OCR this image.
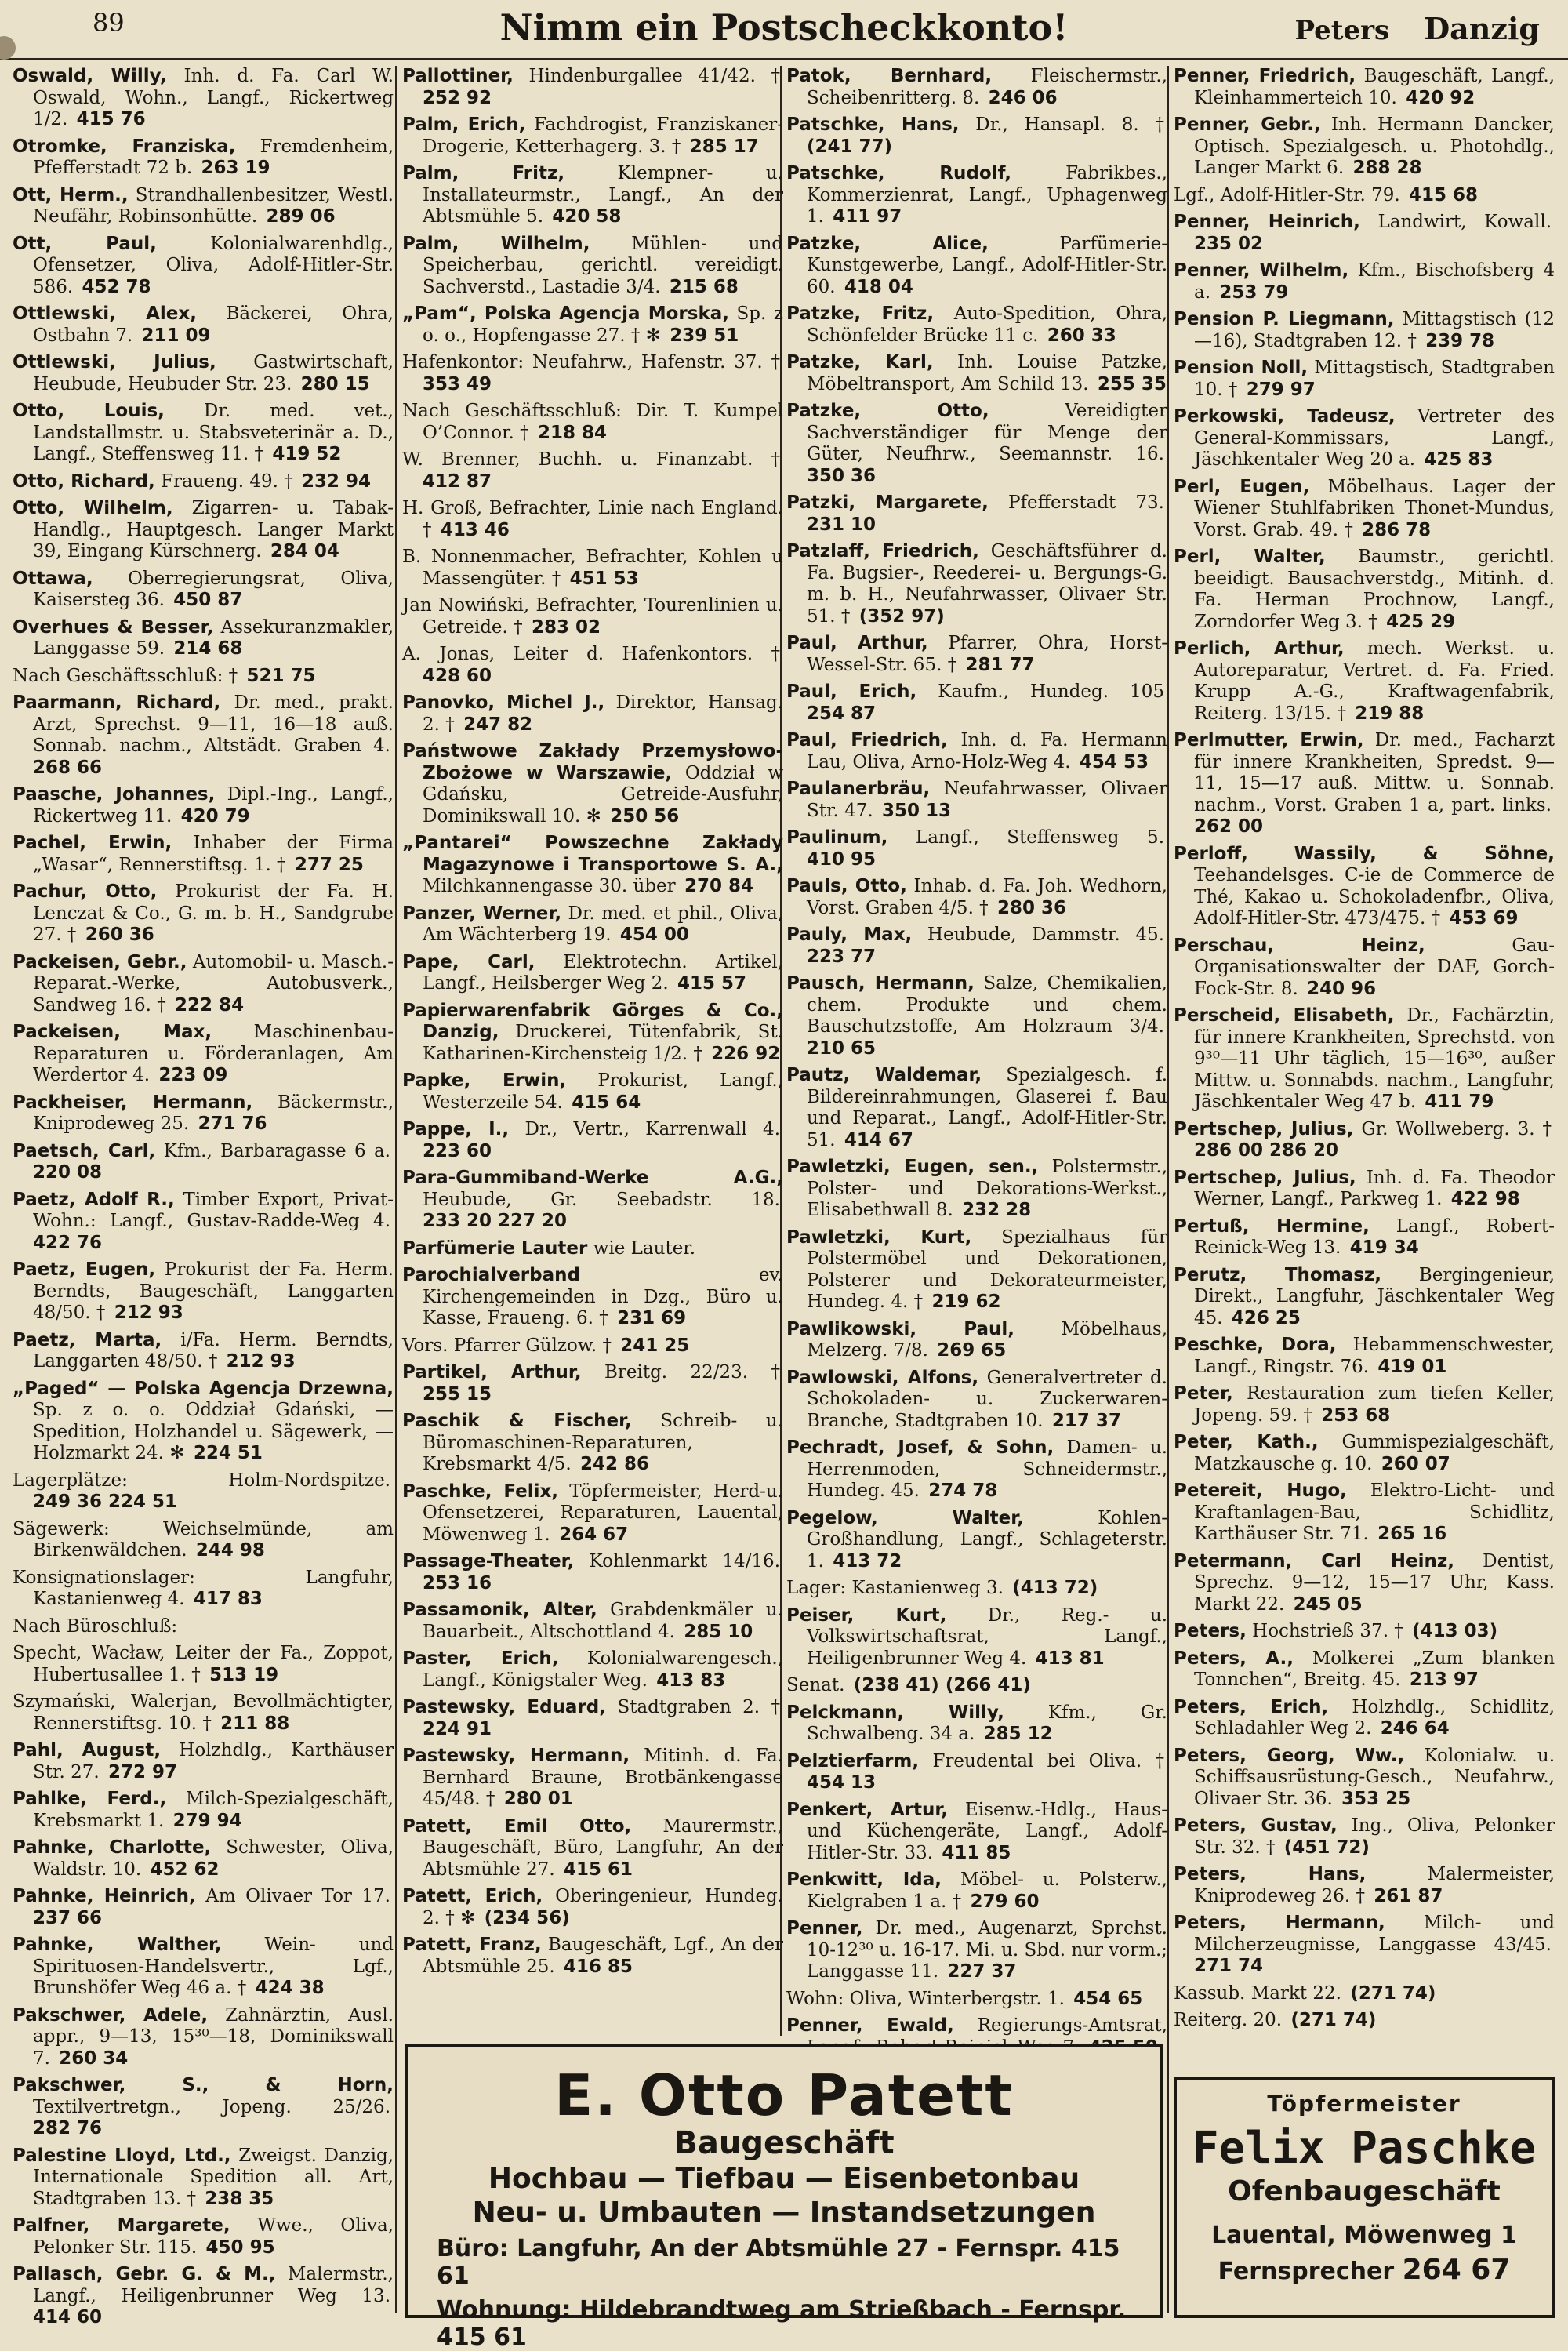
89	Nimm ein Postscheckkonto!	Peters Danzig
Oswald, Willy, Inh. d. Fa. Carl W. Oswald, Wohn., Langf., Rickertweg 1/2. 415 76
Otromke, Franziska, Fremdenheim, Pfefferstadt 72 b. 263 19
Ott, Herm., Strandhallenbesitzer, Westl. Neufähr, Robinsonhütte. 289 06
Ott, Paul,	Kolonialwarenhdlg., Ofensetzer, Oliva, Adolf-Hitler-Str. 586. 452 78
Ottlewski, Alex, Bäckerei, Ohra, Ostbahn 7. 211 09
Ottlewski, Julius, Gastwirtschaft, Heubude, Heubuder Str. 23. 280 15
Otto, Louis, Dr. med. vet., Landstallmstr. u. Stabsveterinär a. D., Langf., Steffensweg 11. † 419 52
Otto, Richard, Fraueng. 49. † 232 94
Otto, Wilhelm, Zigarren- u. Tabak-Handlg., Hauptgesch. Langer Markt 39, Eingang Kürschnerg. 284 04
Ottawa, Oberregierungsrat, Oliva, Kaisersteg 36. 450 87
Overhues & Besser, Assekuranzmakler, Langgasse 59. 214 68
Nach Geschäftsschluß: † 521 75
Paarmann, Richard, Dr. med., prakt. Arzt, Sprechst. 9—11, 16—18 auß. Sonnab. nachm., Altstädt. Graben 4. 268 66
Paasche, Johannes, Dipl.-Ing., Langf., Rickertweg 11. 420 79
Pachel, Erwin, Inhaber der Firma „Wasar“, Rennerstiftsg. 1. † 277 25
Pachur, Otto, Prokurist der Fa. H. Lenczat & Co., G. m. b. H., Sandgrube 27. † 260 36
Packeisen, Gebr., Automobil- u. Masch.-Reparat.-Werke, Autobusverk., Sandweg 16. † 222 84
Packeisen, Max, Maschinenbau-Reparaturen u. Förderanlagen, Am Werdertor 4. 223 09
Packheiser, Hermann, Bäckermstr., Kniprodeweg 25. 271 76
Paetsch, Carl, Kfm., Barbaragasse 6 a. 220 08
Paetz, Adolf R., Timber Export, Privat-Wohn.: Langf., Gustav-Radde-Weg 4. 422 76
Paetz, Eugen, Prokurist der Fa. Herm. Berndts, Baugeschäft, Langgarten 48/50. † 212 93
Paetz, Marta, i/Fa. Herm. Berndts, Langgarten 48/50. † 212 93
„Paged“ — Polska Agencja Drzewna, Sp. z o. o. Oddział Gdański, — Spedition, Holzhandel u. Sägewerk, — Holzmarkt 24. ✻ 224 51
Lagerplätze: Holm-Nordspitze. 249 36 224 51
Sägewerk: Weichselmünde, am Birkenwäldchen. 244 98
Konsignationslager: Langfuhr, Kastanienweg 4. 417 83
Nach Büroschluß:
Specht, Wacław, Leiter der Fa., Zoppot, Hubertusallee 1. † 513 19
Szymański, Walerjan, Bevollmächtigter, Rennerstiftsg. 10. † 211 88
Pahl, August, Holzhdlg., Karthäuser Str. 27. 272 97
Pahlke, Ferd., Milch-Spezialgeschäft, Krebsmarkt 1. 279 94
Pahnke, Charlotte, Schwester, Oliva, Waldstr. 10. 452 62
Pahnke, Heinrich, Am Olivaer Tor 17. 237 66
Pahnke, Walther, Wein- und Spirituosen-Handelsvertr., Lgf., Brunshöfer Weg 46 a. † 424 38
Pakschwer, Adele, Zahnärztin, Ausl. appr., 9—13, 15³⁰—18, Dominikswall 7. 260 34
Pakschwer, S., & Horn, Textilvertretgn., Jopeng. 25/26. 282 76
Palestine Lloyd, Ltd., Zweigst. Danzig, Internationale Spedition all. Art, Stadtgraben 13. † 238 35
Palfner, Margarete, Wwe., Oliva, Pelonker Str. 115. 450 95
Pallasch, Gebr. G. & M., Malermstr., Langf., Heiligenbrunner Weg 13. 414 60
Pallottiner, Hindenburgallee 41/42. † 252 92
Palm, Erich, Fachdrogist, Franziskaner-Drogerie, Ketterhagerg. 3. † 285 17
Palm, Fritz,	Klempner- u. Installateurmstr., Langf., An der Abtsmühle 5. 420 58
Palm, Wilhelm, Mühlen- und Speicherbau, gerichtl. vereidigt. Sachverstd., Lastadie 3/4. 215 68
„Pam“, Polska Agencja Morska, Sp. z o. o., Hopfengasse 27. † ✻ 239 51
Hafenkontor: Neufahrw., Hafenstr. 37. † 353 49
Nach Geschäftsschluß: Dir. T. Kumpel O’Connor. † 218 84
W. Brenner, Buchh. u. Finanzabt. † 412 87
H. Groß, Befrachter, Linie nach England. † 413 46
B. Nonnenmacher, Befrachter, Kohlen u Massengüter. † 451 53
Jan Nowiński, Befrachter, Tourenlinien u. Getreide. † 283 02
A. Jonas, Leiter d. Hafenkontors. † 428 60
Panovko, Michel J., Direktor, Hansag. 2. † 247 82
Państwowe Zakłady Przemysłowo-Zbożowe w Warszawie, Oddział w Gdańsku, Getreide-Ausfuhr, Dominikswall 10. ✻ 250 56
„Pantarei“ Powszechne Zakłady Magazynowe i Transportowe S. A., Milchkannengasse 30. über 270 84
Panzer, Werner, Dr. med. et phil., Oliva, Am Wächterberg 19. 454 00
Pape, Carl, Elektrotechn. Artikel, Langf., Heilsberger Weg 2. 415 57
Papierwarenfabrik Görges & Co., Danzig, Druckerei, Tütenfabrik, St. Katharinen-Kirchensteig 1/2. † 226 92
Papke, Erwin, Prokurist, Langf., Westerzeile 54. 415 64
Pappe, I., Dr., Vertr., Karrenwall 4. 223 60
Para-Gummiband-Werke A.G., Heubude, Gr. Seebadstr. 18. 233 20 227 20
Parfümerie Lauter wie Lauter.
Parochialverband	ev. Kirchengemeinden in Dzg., Büro u. Kasse, Fraueng. 6. † 231 69
Vors. Pfarrer Gülzow. † 241 25
Partikel, Arthur, Breitg. 22/23. † 255 15
Paschik & Fischer, Schreib- u. Büromaschinen-Reparaturen, Krebsmarkt 4/5. 242 86
Paschke, Felix, Töpfermeister, Herd-u. Ofensetzerei, Reparaturen, Lauental, Möwenweg 1. 264 67
Passage-Theater, Kohlenmarkt 14/16. 253 16
Passamonik, Alter, Grabdenkmäler u. Bauarbeit., Altschottland 4. 285 10
Paster, Erich, Kolonialwarengesch., Langf., Königstaler Weg. 413 83
Pastewsky, Eduard, Stadtgraben 2. † 224 91
Pastewsky, Hermann, Mitinh. d. Fa. Bernhard Braune, Brotbänkengasse 45/48. † 280 01
Patett, Emil Otto, Maurermstr., Baugeschäft, Büro, Langfuhr, An der Abtsmühle 27. 415 61
Patett, Erich, Oberingenieur, Hundeg. 2. † ✻ (234 56)
Patett, Franz, Baugeschäft, Lgf., An der Abtsmühle 25. 416 85
Patok, Bernhard, Fleischermstr., Scheibenritterg. 8. 246 06
Patschke, Hans, Dr., Hansapl. 8. † (241 77)
Patschke, Rudolf,	Fabrikbes., Kommerzienrat, Langf., Uphagenweg 1. 411 97
Patzke, Alice,	Parfümerie-Kunstgewerbe, Langf., Adolf-Hitler-Str. 60. 418 04
Patzke, Fritz, Auto-Spedition, Ohra, Schönfelder Brücke 11 c. 260 33
Patzke, Karl, Inh. Louise Patzke, Möbeltransport, Am Schild 13. 255 35
Patzke, Otto,	Vereidigter Sachverständiger für Menge der Güter, Neufhrw., Seemannstr. 16. 350 36
Patzki, Margarete, Pfefferstadt 73. 231 10
Patzlaff, Friedrich, Geschäftsführer d. Fa. Bugsier-, Reederei- u. Bergungs-G. m. b. H., Neufahrwasser, Olivaer Str. 51. † (352 97)
Paul, Arthur, Pfarrer, Ohra, Horst-Wessel-Str. 65. † 281 77
Paul, Erich, Kaufm., Hundeg. 105 254 87
Paul, Friedrich, Inh. d. Fa. Hermann Lau, Oliva, Arno-Holz-Weg 4. 454 53
Paulanerbräu, Neufahrwasser, Olivaer Str. 47. 350 13
Paulinum, Langf., Steffensweg 5. 410 95
Pauls, Otto, Inhab. d. Fa. Joh. Wedhorn, Vorst. Graben 4/5. † 280 36
Pauly, Max, Heubude, Dammstr. 45. 223 77
Pausch, Hermann, Salze, Chemikalien, chem. Produkte und chem. Bauschutzstoffe, Am Holzraum 3/4. 210 65
Pautz, Waldemar, Spezialgesch. f. Bildereinrahmungen, Glaserei f. Bau und Reparat., Langf., Adolf-Hitler-Str. 51. 414 67
Pawletzki, Eugen, sen., Polstermstr., Polster- und Dekorations-Werkst., Elisabethwall 8. 232 28
Pawletzki, Kurt, Spezialhaus für Polstermöbel und Dekorationen, Polsterer und Dekorateurmeister, Hundeg. 4. † 219 62
Pawlikowski, Paul,	Möbelhaus, Melzerg. 7/8. 269 65
Pawlowski, Alfons, Generalvertreter d. Schokoladen- u. Zuckerwaren-Branche, Stadtgraben 10. 217 37
Pechradt, Josef, & Sohn, Damen- u. Herrenmoden, Schneidermstr., Hundeg. 45. 274 78
Pegelow, Walter,	Kohlen-Großhandlung, Langf., Schlageterstr. 1. 413 72
Lager: Kastanienweg 3. (413 72)
Peiser, Kurt, Dr., Reg.- u. Volkswirtschaftsrat, Langf., Heiligenbrunner Weg 4. 413 81
Senat. (238 41) (266 41)
Pelckmann, Willy, Kfm., Gr. Schwalbeng. 34 a. 285 12
Pelztierfarm, Freudental bei Oliva. † 454 13
Penkert, Artur, Eisenw.-Hdlg., Haus- und Küchengeräte, Langf., Adolf-Hitler-Str. 33. 411 85
Penkwitt, Ida, Möbel- u. Polsterw., Kielgraben 1 a. † 279 60
Penner, Dr. med., Augenarzt, Sprchst. 10-12³⁰ u. 16-17. Mi. u. Sbd. nur vorm.; Langgasse 11. 227 37
Wohn: Oliva, Winterbergstr. 1. 454 65
Penner, Ewald, Regierungs-Amtsrat,
Penner, Friedrich, Baugeschäft, Langf., Kleinhammerteich 10. 420 92
Penner, Gebr., Inh. Hermann Dancker, Optisch. Spezialgesch. u. Photohdlg., Langer Markt 6. 288 28
Lgf., Adolf-Hitler-Str. 79. 415 68
Penner, Heinrich, Landwirt, Kowall. 235 02
Penner, Wilhelm, Kfm., Bischofsberg 4 a. 253 79
Pension P. Liegmann, Mittagstisch (12—16), Stadtgraben 12. † 239 78
Pension Noll, Mittagstisch, Stadtgraben 10. † 279 97
Perkowski, Tadeusz, Vertreter des General-Kommissars, Langf., Jäschkentaler Weg 20 a. 425 83
Perl, Eugen, Möbelhaus. Lager der Wiener Stuhlfabriken Thonet-Mundus, Vorst. Grab. 49. † 286 78
Perl, Walter, Baumstr., gerichtl. beeidigt. Bausachverstdg., Mitinh. d. Fa. Herman Prochnow, Langf., Zorndorfer Weg 3. † 425 29
Perlich, Arthur, mech. Werkst. u. Autoreparatur, Vertret. d. Fa. Fried. Krupp A.-G., Kraftwagenfabrik, Reiterg. 13/15. † 219 88
Perlmutter, Erwin, Dr. med., Facharzt für innere Krankheiten, Spredst. 9—11, 15—17 auß. Mittw. u. Sonnab. nachm., Vorst. Graben 1 a, part. links. 262 00
Perloff, Wassily, & Söhne, Teehandelsges. C-ie de Commerce de Thé, Kakao u. Schokoladenfbr., Oliva, Adolf-Hitler-Str. 473/475. † 453 69
Perschau, Heinz,	Gau-Organisationswalter der DAF, Gorch-Fock-Str. 8. 240 96
Perscheid, Elisabeth, Dr., Fachärztin, für innere Krankheiten, Sprechstd. von 9³⁰—11 Uhr täglich, 15—16³⁰, außer Mittw. u. Sonnabds. nachm., Langfuhr, Jäschkentaler Weg 47 b. 411 79
Pertschep, Julius, Gr. Wollweberg. 3. † 286 00 286 20
Pertschep, Julius, Inh. d. Fa. Theodor Werner, Langf., Parkweg 1. 422 98
Pertuß, Hermine, Langf., Robert-Reinick-Weg 13. 419 34
Perutz, Thomasz, Bergingenieur, Direkt., Langfuhr, Jäschkentaler Weg 45. 426 25
Peschke, Dora, Hebammenschwester, Langf., Ringstr. 76. 419 01
Peter, Restauration zum tiefen Keller, Jopeng. 59. † 253 68
Peter, Kath., Gummispezialgeschäft, Matzkausche g. 10. 260 07
Petereit, Hugo, Elektro-Licht- und Kraftanlagen-Bau, Schidlitz, Karthäuser Str. 71. 265 16
Petermann, Carl Heinz, Dentist, Sprechz. 9—12, 15—17 Uhr, Kass. Markt 22. 245 05
Peters, Hochstrieß 37. † (413 03)
Peters, A., Molkerei „Zum blanken Tonnchen“, Breitg. 45. 213 97
Peters, Erich, Holzhdlg., Schidlitz, Schladahler Weg 2. 246 64
Peters, Georg, Ww., Kolonialw. u. Schiffsausrüstung-Gesch., Neufahrw., Olivaer Str. 36. 353 25
Peters, Gustav, Ing., Oliva, Pelonker Str. 32. † (451 72)
Peters, Hans,	Malermeister, Kniprodeweg 26. † 261 87
Peters, Hermann, Milch- und Milcherzeugnisse, Langgasse 43/45. 271 74
Kassub. Markt 22. (271 74)
Reiterg. 20. (271 74)
E. Otto Patett
Baugeschäft
Hochbau — Tiefbau — Eisenbetonbau
Neu- u. Umbauten — Instandsetzungen
Büro: Langfuhr, An der Abtsmühle 27 - Fernspr. 415 61
Wohnung: Hildebrandtweg am Strießbach - Fernspr. 415 61
Töpfermeister
Felix Paschke
Ofenbaugeschäft
Lauental, Möwenweg 1
Fernsprecher 264 67
